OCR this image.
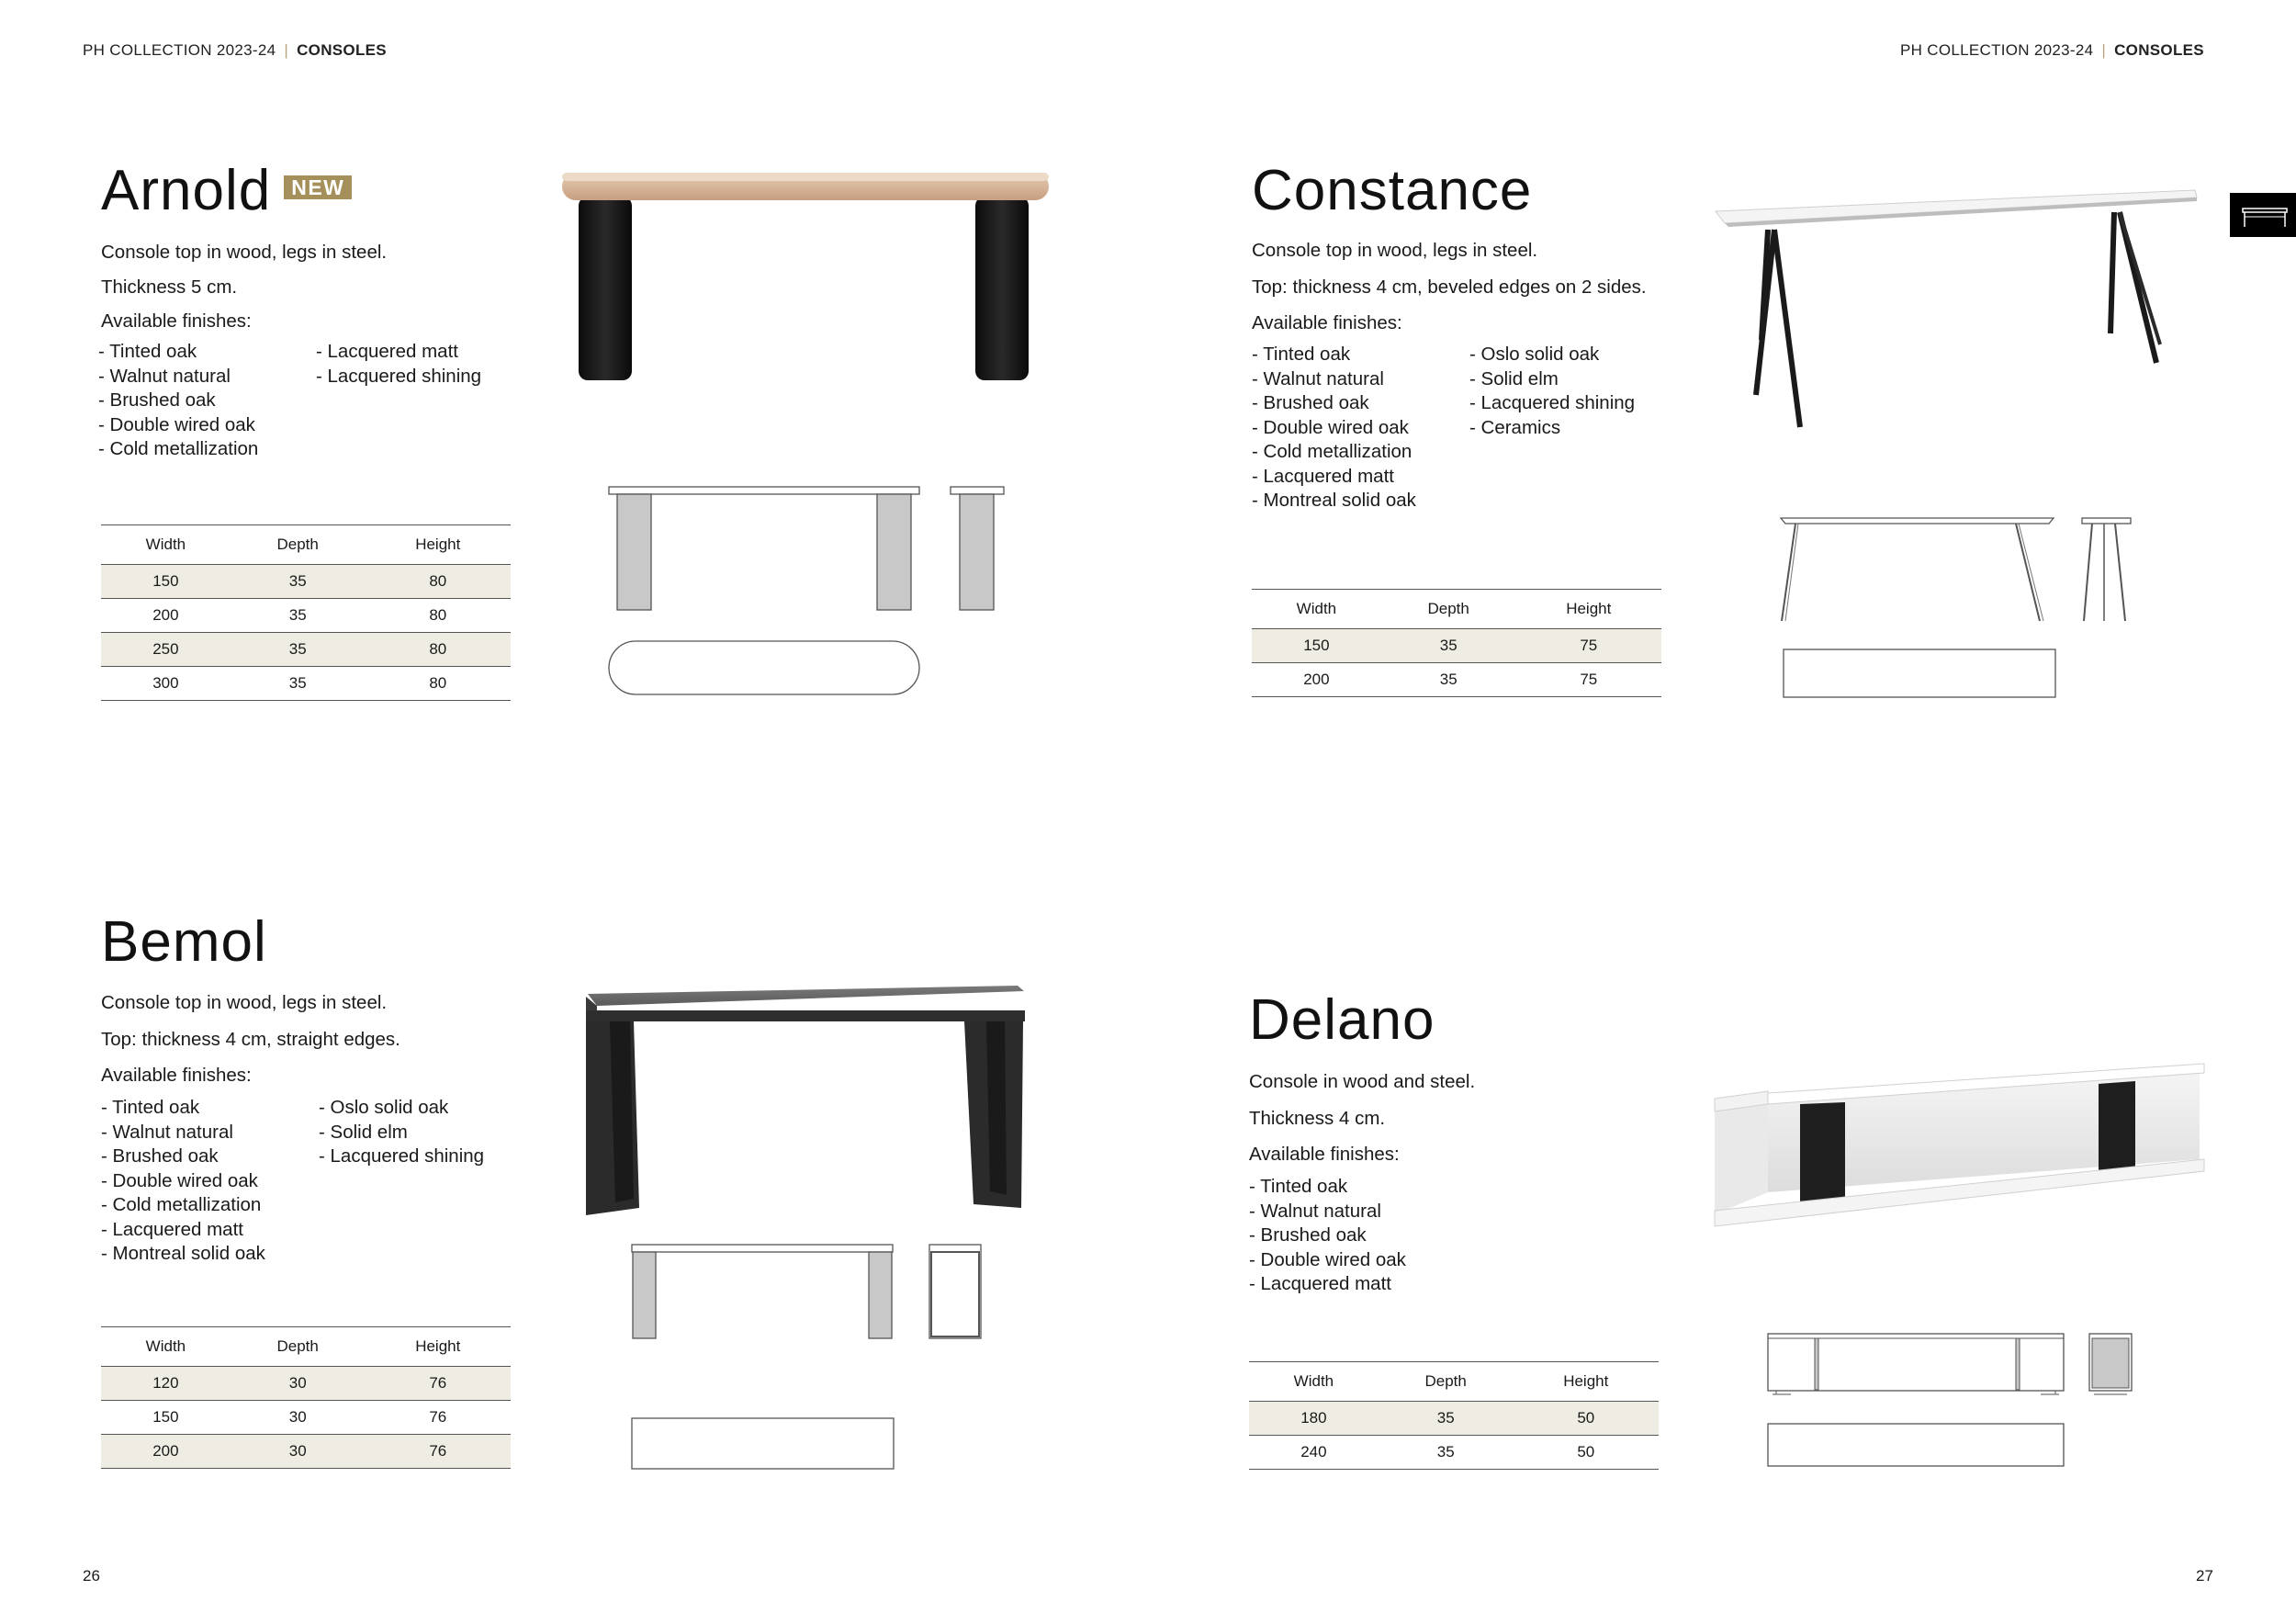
PH COLLECTION 2023-24 | CONSOLES	PH COLLECTION 2023-24 | CONSOLES
Arnold NEW

Console top in wood, legs in steel.

Thickness 5 cm.

Available finishes:

- Tinted oak
- Walnut natural
- Brushed oak
- Double wired oak
- Cold metallization
- Lacquered matt
- Lacquered shining
Width	Depth	Height
150	35	80
200	35	80
250	35	80
300	35	80
Constance

Console top in wood, legs in steel.

Top: thickness 4 cm, beveled edges on 2 sides.

Available finishes:

- Tinted oak
- Walnut natural
- Brushed oak
- Double wired oak
- Cold metallization
- Lacquered matt
- Montreal solid oak
- Oslo solid oak
- Solid elm
- Lacquered shining
- Ceramics
Width	Depth	Height
150	35	75
200	35	75
Bemol

Console top in wood, legs in steel.

Top: thickness 4 cm, straight edges.

Available finishes:

- Tinted oak
- Walnut natural
- Brushed oak
- Double wired oak
- Cold metallization
- Lacquered matt
- Montreal solid oak
- Oslo solid oak
- Solid elm
- Lacquered shining
Width	Depth	Height
120	30	76
150	30	76
200	30	76
Delano

Console in wood and steel.

Thickness 4 cm.

Available finishes:

- Tinted oak
- Walnut natural
- Brushed oak
- Double wired oak
- Lacquered matt
Width	Depth	Height
180	35	50
240	35	50
26	27
